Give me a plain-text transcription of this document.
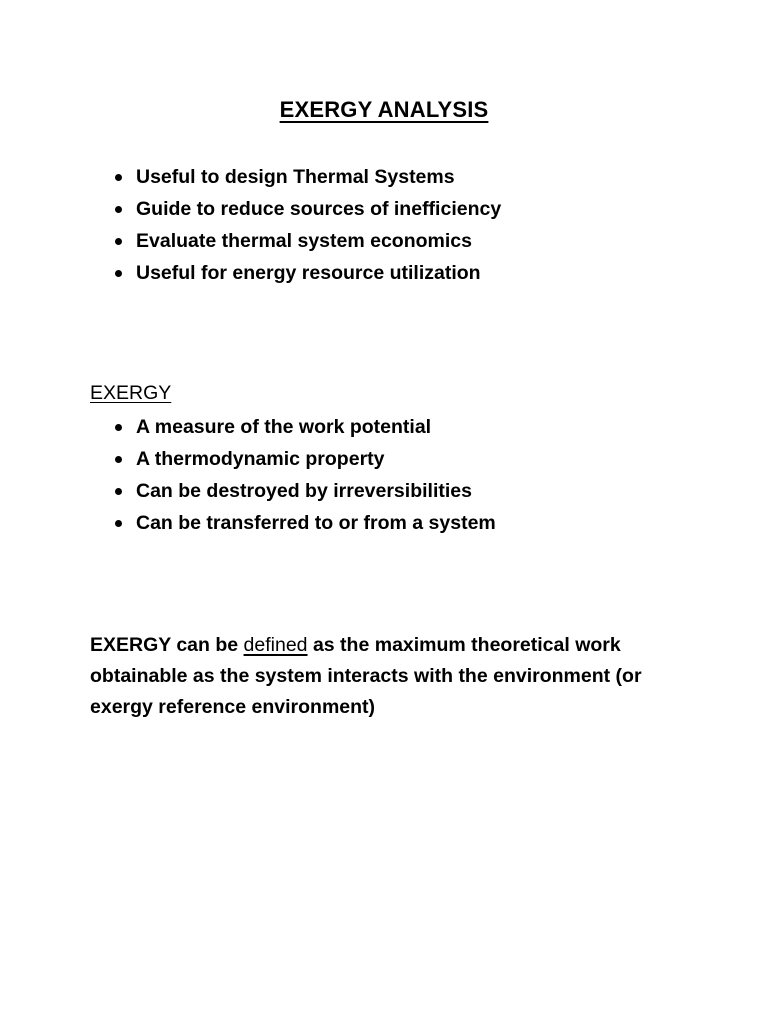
EXERGY ANALYSIS
Useful to design Thermal Systems
Guide to reduce sources of inefficiency
Evaluate thermal system economics
Useful for energy resource utilization
EXERGY
A measure of the work potential
A thermodynamic property
Can be destroyed by irreversibilities
Can be transferred to or from a system
EXERGY can be defined as the maximum theoretical work
obtainable as the system interacts with the environment (or
exergy reference environment)
